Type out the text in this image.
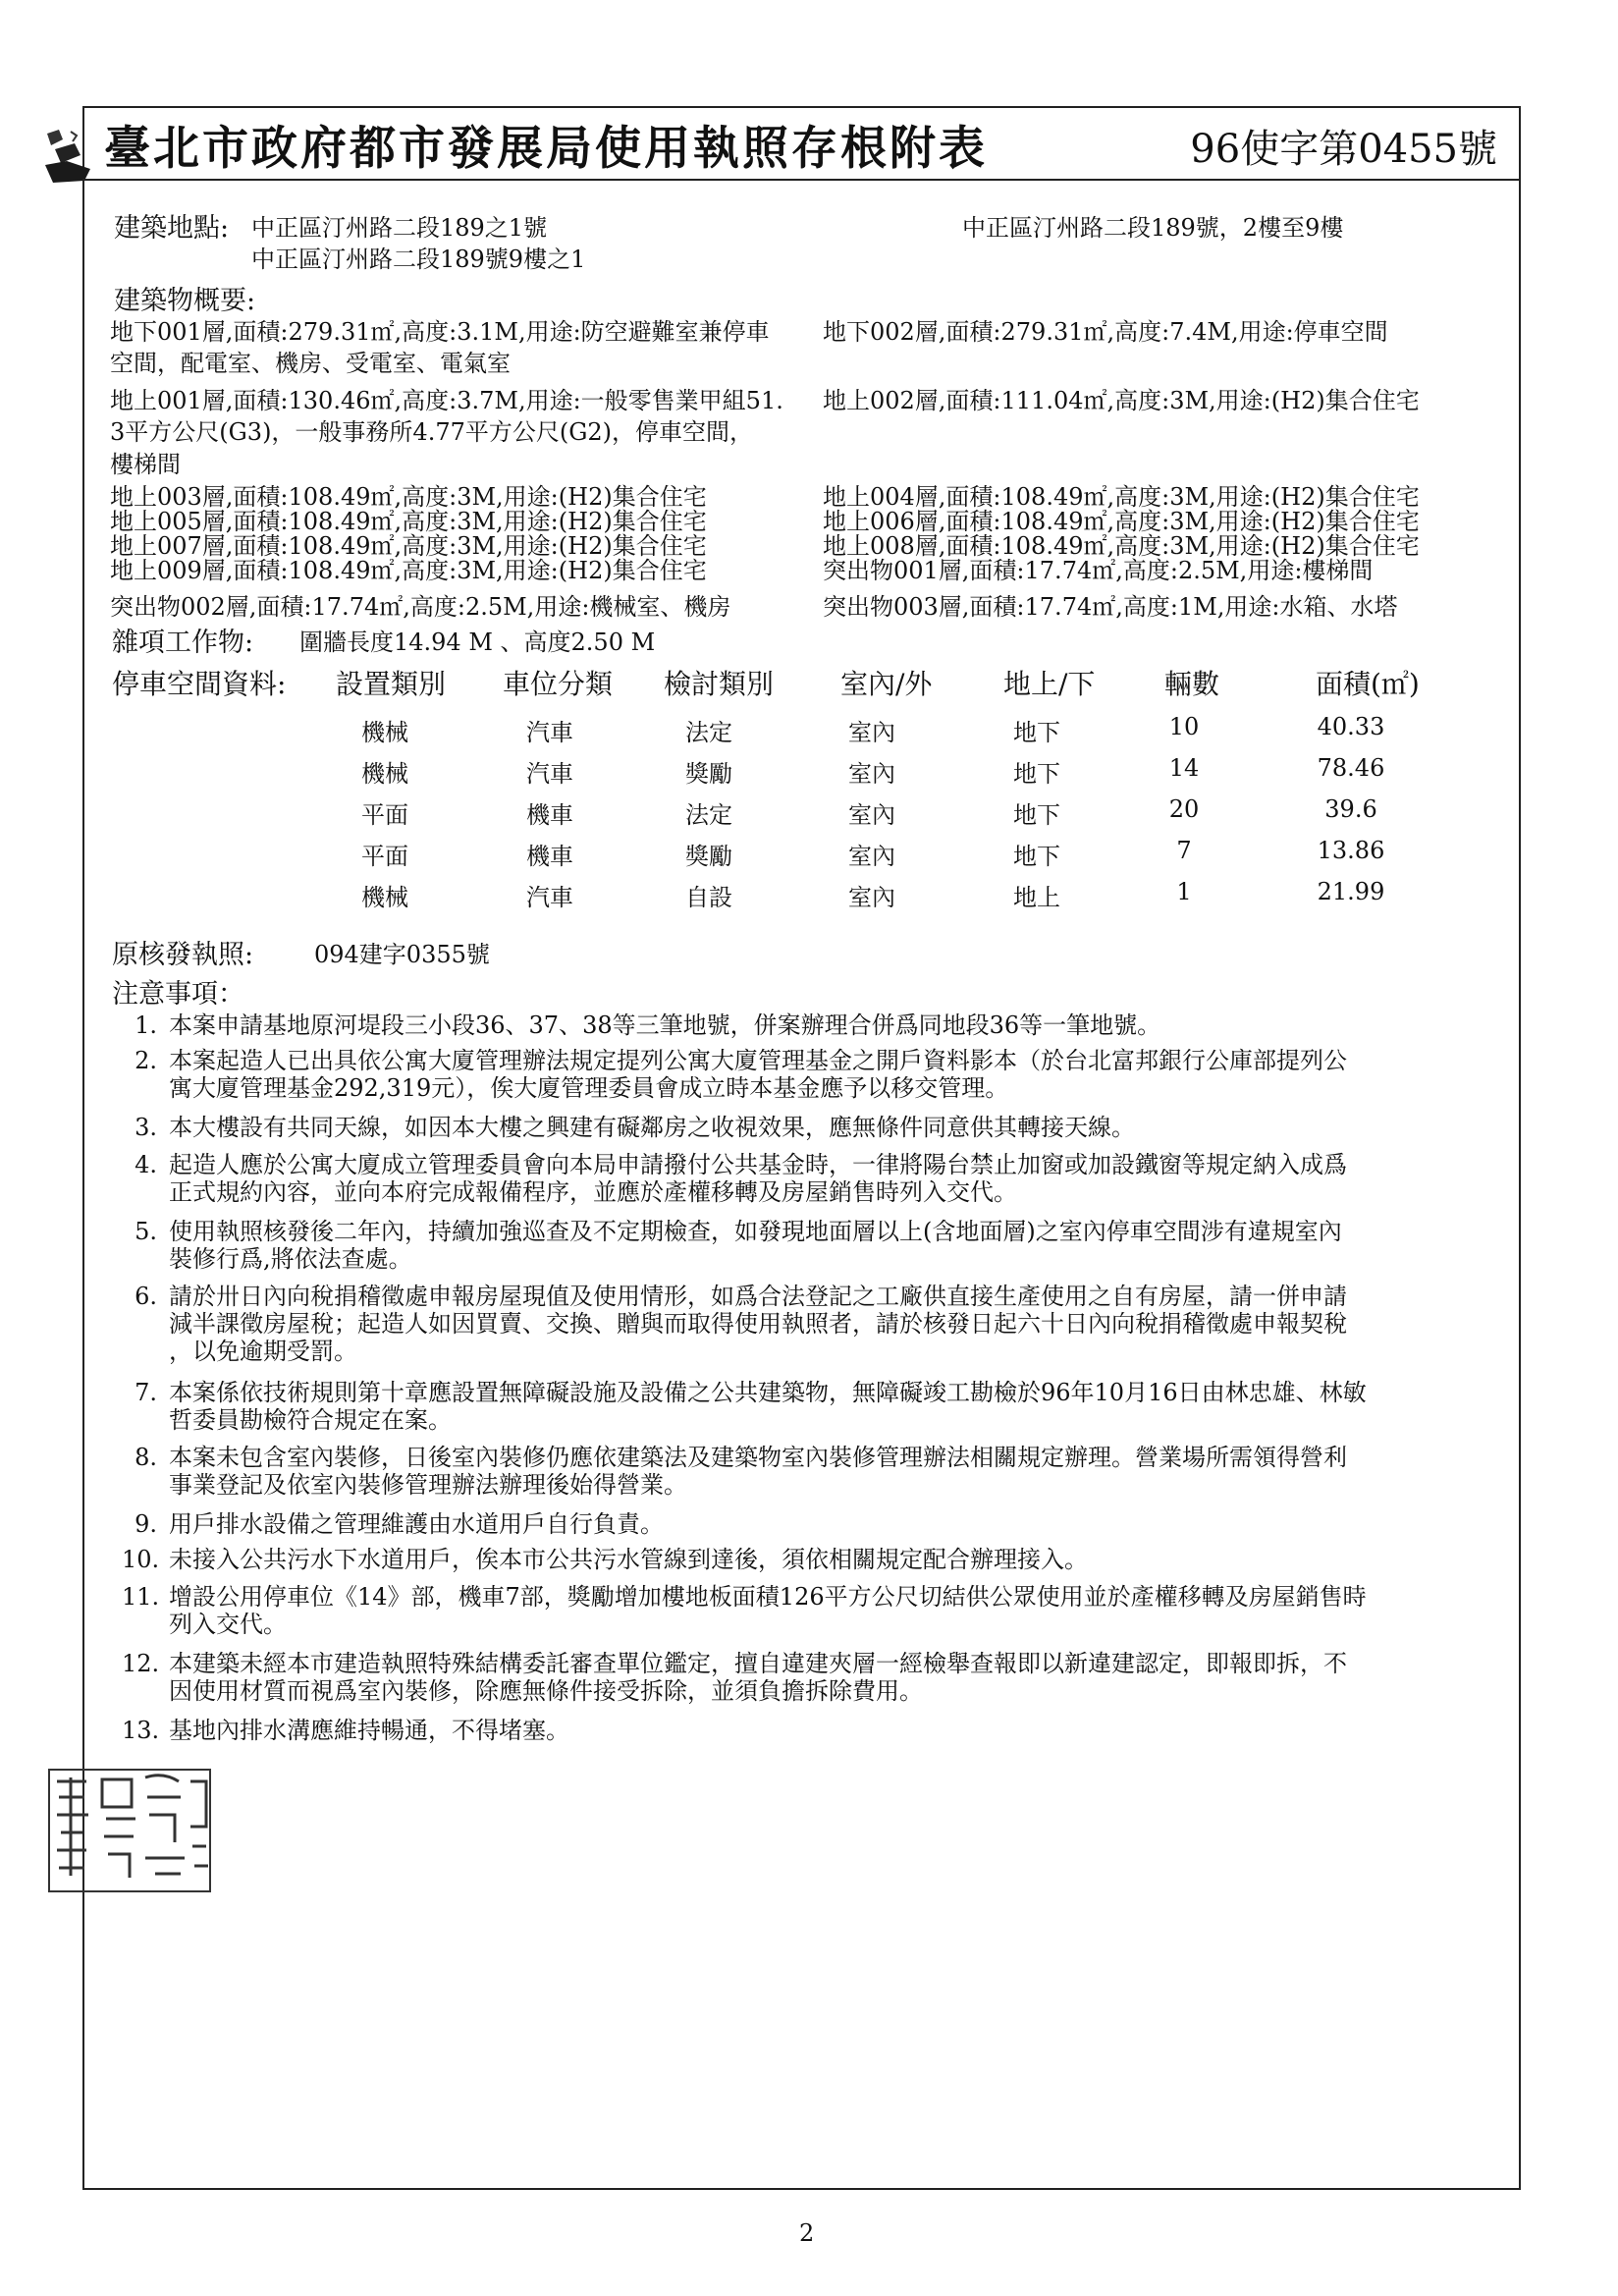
臺北市政府都市發展局使用執照存根附表	96使字第0455號
建築地點: 中正區汀州路二段189之1號
中正區汀州路二段189號9樓之1
中正區汀州路二段189號，2樓至9樓
建築物概要:
地下001層,面積:279.31㎡,高度:3.1M,用途:防空避難室兼停車 地下002層,面積:279.31㎡,高度:7.4M,用途:停車空間
空間，配電室、機房、受電室、電氣室
地上001層,面積:130.46㎡,高度:3.7M,用途:一般零售業甲組51. 地上002層,面積:111.04㎡,高度:3M,用途:(H2)集合住宅
3平方公尺(G3)，一般事務所4.77平方公尺(G2)，停車空間，
樓梯間
地上003層,面積:108.49㎡,高度:3M,用途:(H2)集合住宅	地上004層,面積:108.49㎡,高度:3M,用途:(H2)集合住宅
地上005層,面積:108.49㎡,高度:3M,用途:(H2)集合住宅	地上006層,面積:108.49㎡,高度:3M,用途:(H2)集合住宅
地上007層,面積:108.49㎡,高度:3M,用途:(H2)集合住宅	地上008層,面積:108.49㎡,高度:3M,用途:(H2)集合住宅
地上009層,面積:108.49㎡,高度:3M,用途:(H2)集合住宅	突出物001層,面積:17.74㎡,高度:2.5M,用途:樓梯間
突出物002層,面積:17.74㎡,高度:2.5M,用途:機械室、機房	突出物003層,面積:17.74㎡,高度:1M,用途:水箱、水塔
雜項工作物: 圍牆長度14.94 M 、高度2.50 M
停車空間資料: 設置類別 車位分類 檢討類別 室內/外	地上/下	輛數	面積(㎡)
機械	汽車	法定	室內	地下	10	40.33
機械	汽車	獎勵	室內	地下	14	78.46
平面	機車	法定	室內	地下	20	39.6
平面	機車	獎勵	室內	地下	7	13.86
機械	汽車	自設	室內	地上	1	21.99
原核發執照:	094建字0355號
注意事項：
1. 本案申請基地原河堤段三小段36、37、38等三筆地號，併案辦理合併爲同地段36等一筆地號。
2. 本案起造人已出具依公寓大廈管理辦法規定提列公寓大廈管理基金之開戶資料影本（於台北富邦銀行公庫部提列公
寓大廈管理基金292,319元），俟大廈管理委員會成立時本基金應予以移交管理。
3. 本大樓設有共同天線，如因本大樓之興建有礙鄰房之收視效果，應無條件同意供其轉接天線。
4. 起造人應於公寓大廈成立管理委員會向本局申請撥付公共基金時，一律將陽台禁止加窗或加設鐵窗等規定納入成爲
正式規約內容，並向本府完成報備程序，並應於產權移轉及房屋銷售時列入交代。
5. 使用執照核發後二年內，持續加強巡查及不定期檢查，如發現地面層以上(含地面層)之室內停車空間涉有違規室內
裝修行爲,將依法查處。
6. 請於卅日內向稅捐稽徵處申報房屋現值及使用情形，如爲合法登記之工廠供直接生產使用之自有房屋，請一併申請
減半課徵房屋稅；起造人如因買賣、交換、贈與而取得使用執照者，請於核發日起六十日內向稅捐稽徵處申報契稅
，以免逾期受罰。
7. 本案係依技術規則第十章應設置無障礙設施及設備之公共建築物，無障礙竣工勘檢於96年10月16日由林忠雄、林敏
哲委員勘檢符合規定在案。
8. 本案未包含室內裝修，日後室內裝修仍應依建築法及建築物室內裝修管理辦法相關規定辦理。營業場所需領得營利
事業登記及依室內裝修管理辦法辦理後始得營業。
9. 用戶排水設備之管理維護由水道用戶自行負責。
10. 未接入公共污水下水道用戶，俟本市公共污水管線到達後，須依相關規定配合辦理接入。
11. 增設公用停車位《14》部，機車7部，獎勵增加樓地板面積126平方公尺切結供公眾使用並於產權移轉及房屋銷售時
列入交代。
12. 本建築未經本市建造執照特殊結構委託審查單位鑑定，擅自違建夾層一經檢舉查報即以新違建認定，即報即拆，不
因使用材質而視爲室內裝修，除應無條件接受拆除，並須負擔拆除費用。
13. 基地內排水溝應維持暢通，不得堵塞。
2
